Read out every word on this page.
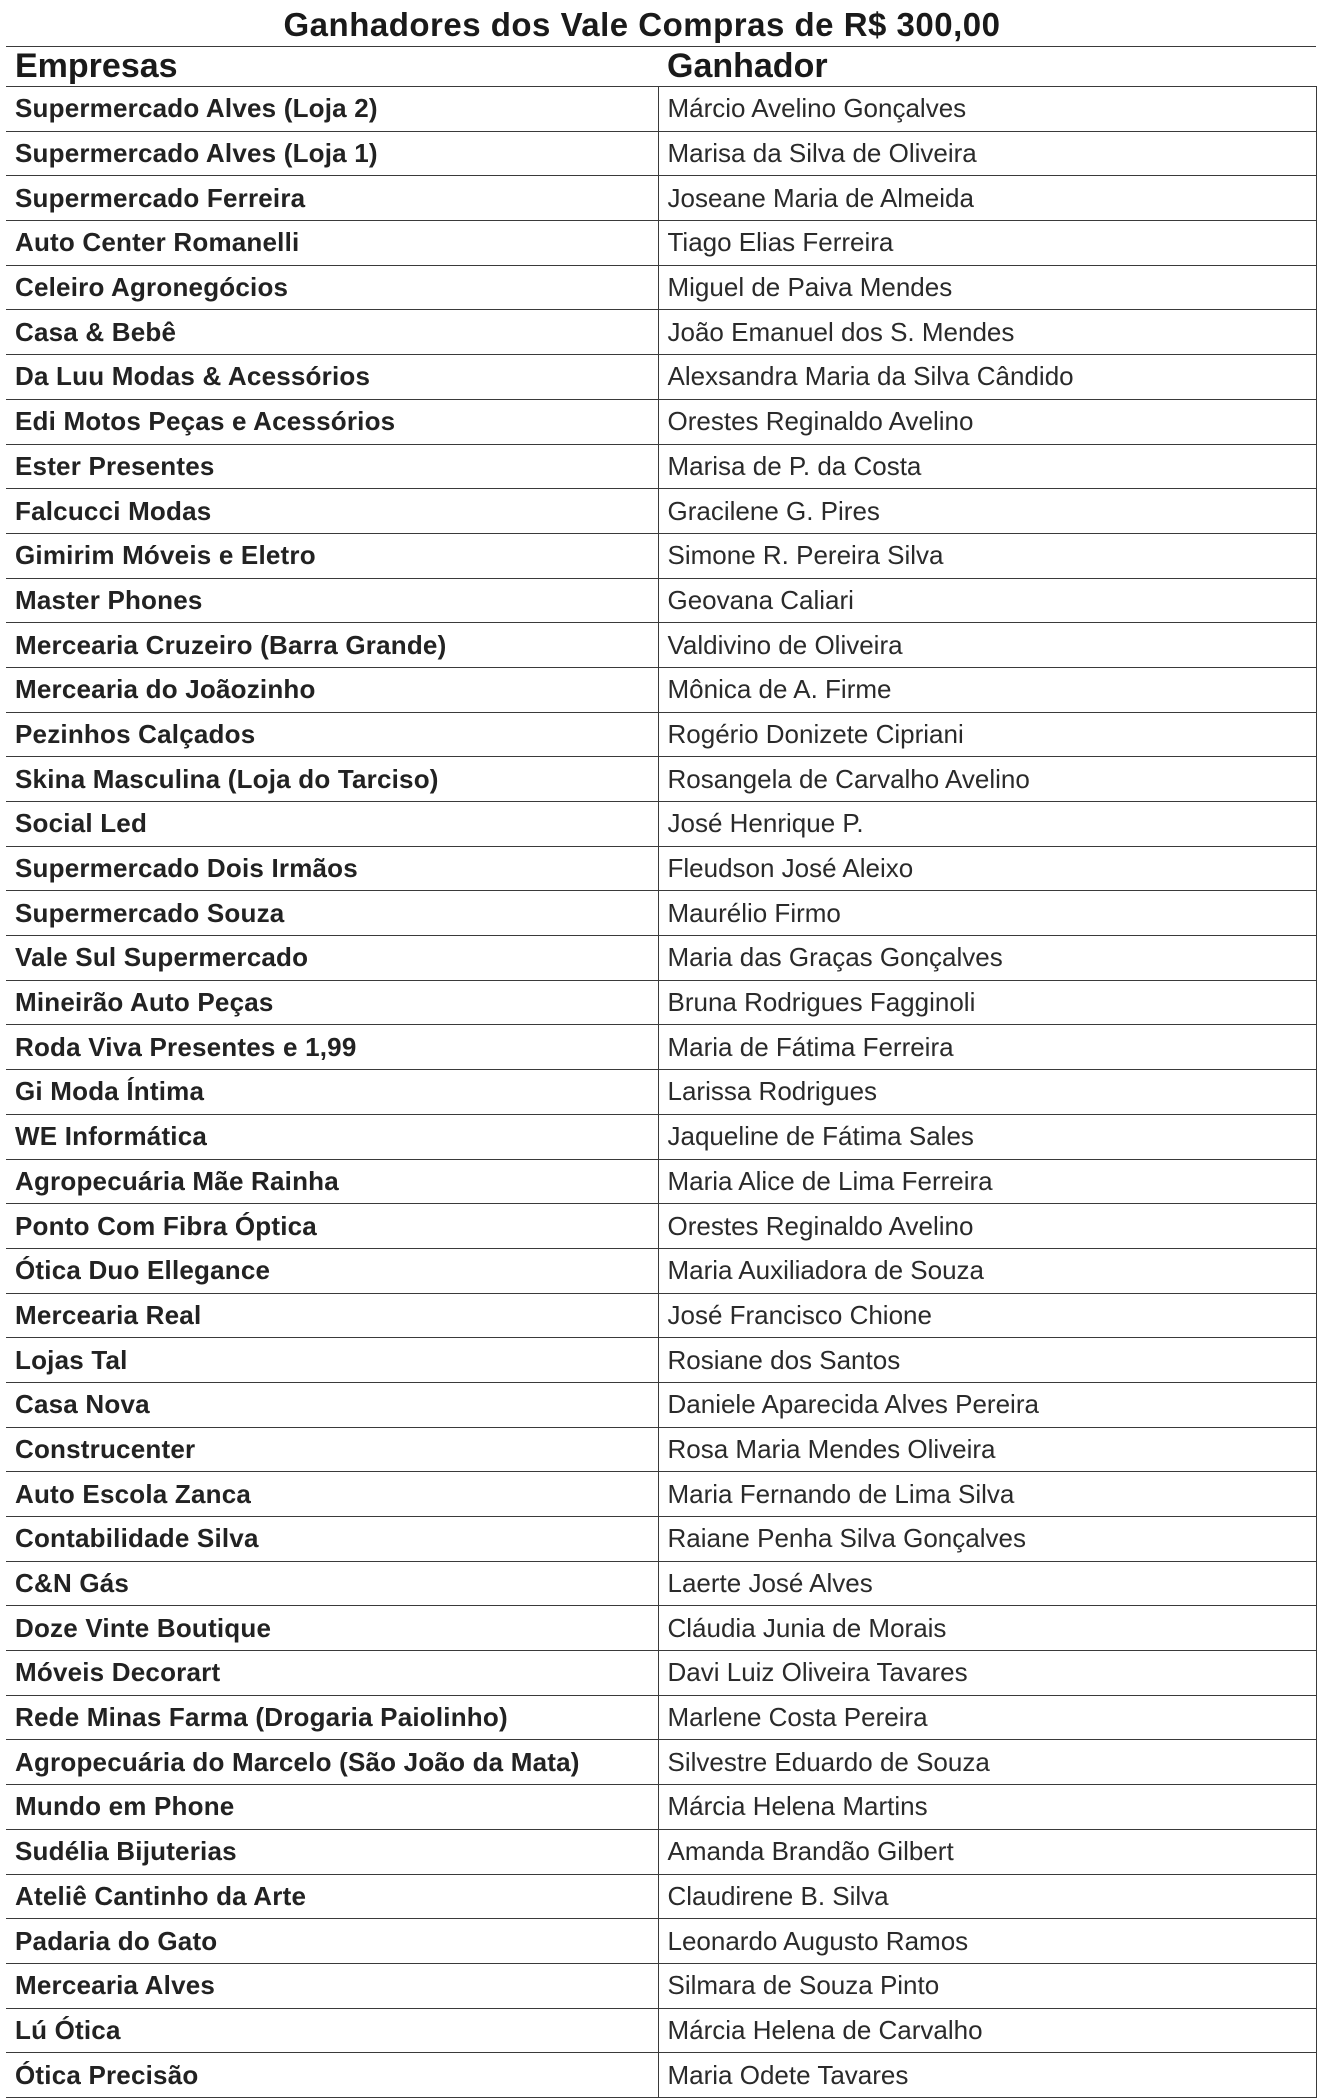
Ganhadores dos Vale Compras de R$ 300,00
Empresas	Ganhador
Supermercado Alves (Loja 2)	Márcio Avelino Gonçalves
Supermercado Alves (Loja 1)	Marisa da Silva de Oliveira
Supermercado Ferreira	Joseane Maria de Almeida
Auto Center Romanelli	Tiago Elias Ferreira
Celeiro Agronegócios	Miguel de Paiva Mendes
Casa & Bebê	João Emanuel dos S. Mendes
Da Luu Modas & Acessórios	Alexsandra Maria da Silva Cândido
Edi Motos Peças e Acessórios	Orestes Reginaldo Avelino
Ester Presentes	Marisa de P. da Costa
Falcucci Modas	Gracilene G. Pires
Gimirim Móveis e Eletro	Simone R. Pereira Silva
Master Phones	Geovana Caliari
Mercearia Cruzeiro (Barra Grande)	Valdivino de Oliveira
Mercearia do Joãozinho	Mônica de A. Firme
Pezinhos Calçados	Rogério Donizete Cipriani
Skina Masculina (Loja do Tarciso)	Rosangela de Carvalho Avelino
Social Led	José Henrique P.
Supermercado Dois Irmãos	Fleudson José Aleixo
Supermercado Souza	Maurélio Firmo
Vale Sul Supermercado	Maria das Graças Gonçalves
Mineirão Auto Peças	Bruna Rodrigues Fagginoli
Roda Viva Presentes e 1,99	Maria de Fátima Ferreira
Gi Moda Íntima	Larissa Rodrigues
WE Informática	Jaqueline de Fátima Sales
Agropecuária Mãe Rainha	Maria Alice de Lima Ferreira
Ponto Com Fibra Óptica	Orestes Reginaldo Avelino
Ótica Duo Ellegance	Maria Auxiliadora de Souza
Mercearia Real	José Francisco Chione
Lojas Tal	Rosiane dos Santos
Casa Nova	Daniele Aparecida Alves Pereira
Construcenter	Rosa Maria Mendes Oliveira
Auto Escola Zanca	Maria Fernando de Lima Silva
Contabilidade Silva	Raiane Penha Silva Gonçalves
C&N Gás	Laerte José Alves
Doze Vinte Boutique	Cláudia Junia de Morais
Móveis Decorart	Davi Luiz Oliveira Tavares
Rede Minas Farma (Drogaria Paiolinho)	Marlene Costa Pereira
Agropecuária do Marcelo (São João da Mata)	Silvestre Eduardo de Souza
Mundo em Phone	Márcia Helena Martins
Sudélia Bijuterias	Amanda Brandão Gilbert
Ateliê Cantinho da Arte	Claudirene B. Silva
Padaria do Gato	Leonardo Augusto Ramos
Mercearia Alves	Silmara de Souza Pinto
Lú Ótica	Márcia Helena de Carvalho
Ótica Precisão	Maria Odete Tavares
